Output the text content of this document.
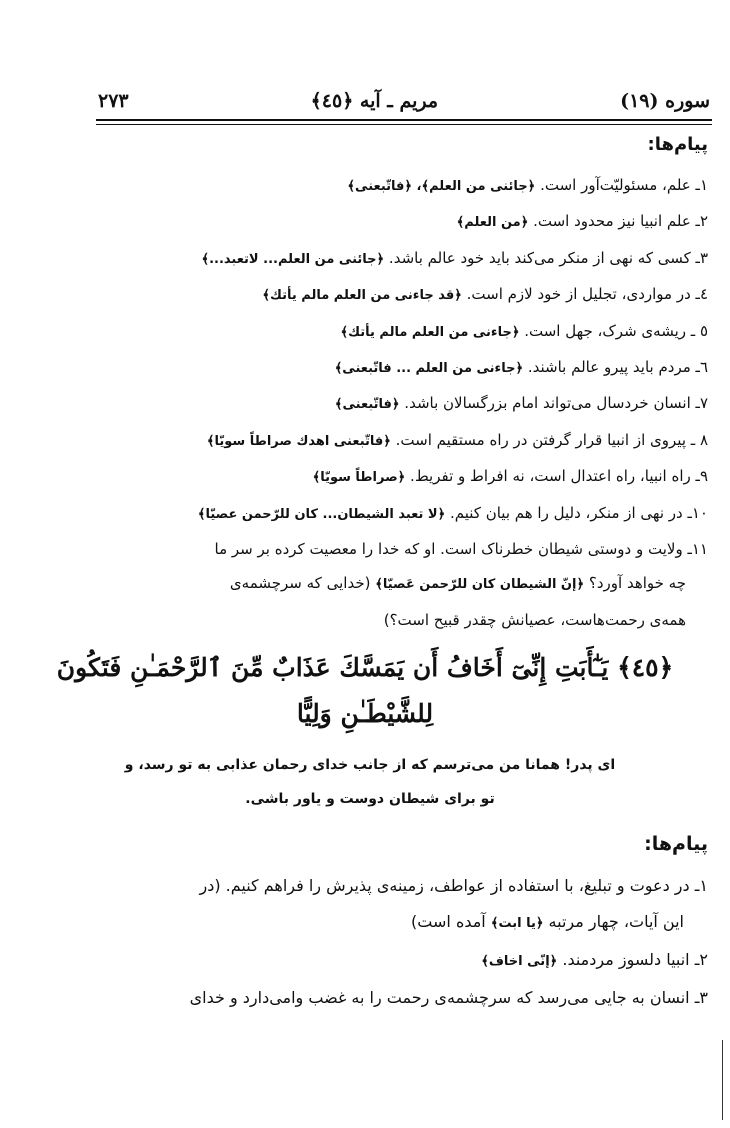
سوره (١٩)
مریم ـ آیه ﴿٤٥﴾
٢٧٣
پیام‌ها:
١ـ علم، مسئولیّت‌آور است. ﴿جائنى من العلم﴾، ﴿فاتّبعنى﴾
٢ـ علم انبیا نیز محدود است. ﴿من العلم﴾
٣ـ کسی که نهی از منکر می‌کند باید خود عالم باشد. ﴿جائنى من العلم... لاتعبد...﴾
٤ـ در مواردی، تجلیل از خود لازم است. ﴿قد جاءنى من العلم مالم يأتك﴾
٥ ـ ریشه‌ی شرک، جهل است. ﴿جاءنى من العلم مالم يأتك﴾
٦ـ مردم باید پیرو عالم باشند. ﴿جاءنى من العلم ... فاتّبعنى﴾
٧ـ انسان خردسال می‌تواند امام بزرگسالان باشد. ﴿فاتّبعنى﴾
٨ ـ پیروی از انبیا قرار گرفتن در راه مستقیم است. ﴿فاتّبعنى اهدك صراطاً سويّا﴾
٩ـ راه انبیا، راه اعتدال است، نه افراط و تفریط. ﴿صراطاً سويّا﴾
١٠ـ در نهی از منکر، دلیل را هم بیان کنیم. ﴿لا تعبد الشيطان... كان للرّحمن عصيّا﴾
١١ـ ولایت و دوستی شیطان خطرناک است. او که خدا را معصیت کرده بر سر ما
چه خواهد آورد؟ ﴿إنّ الشيطان كان للرّحمن عَصيّا﴾ (خدایی که سرچشمه‌ی
همه‌ی رحمت‌هاست، عصیانش چقدر قبیح است؟)
﴿٤٥﴾ يَـٰٓأَبَتِ إِنِّىٓ أَخَافُ أَن يَمَسَّكَ عَذَابٌ مِّنَ ٱلرَّحْمَـٰنِ فَتَكُونَ
لِلشَّيْطَـٰنِ وَلِيًّا
ای پدر! همانا من می‌ترسم که از جانب خدای رحمان عذابی به تو رسد، و
تو برای شیطان دوست و یاور باشی.
پیام‌ها:
١ـ در دعوت و تبلیغ، با استفاده از عواطف، زمینه‌ی پذیرش را فراهم کنیم. (در
این آیات، چهار مرتبه ﴿یا ابت﴾ آمده است)
٢ـ انبیا دلسوز مردمند. ﴿إنّى اخاف﴾
٣ـ انسان به جایی می‌رسد که سرچشمه‌ی رحمت را به غضب وامی‌دارد و خدای
